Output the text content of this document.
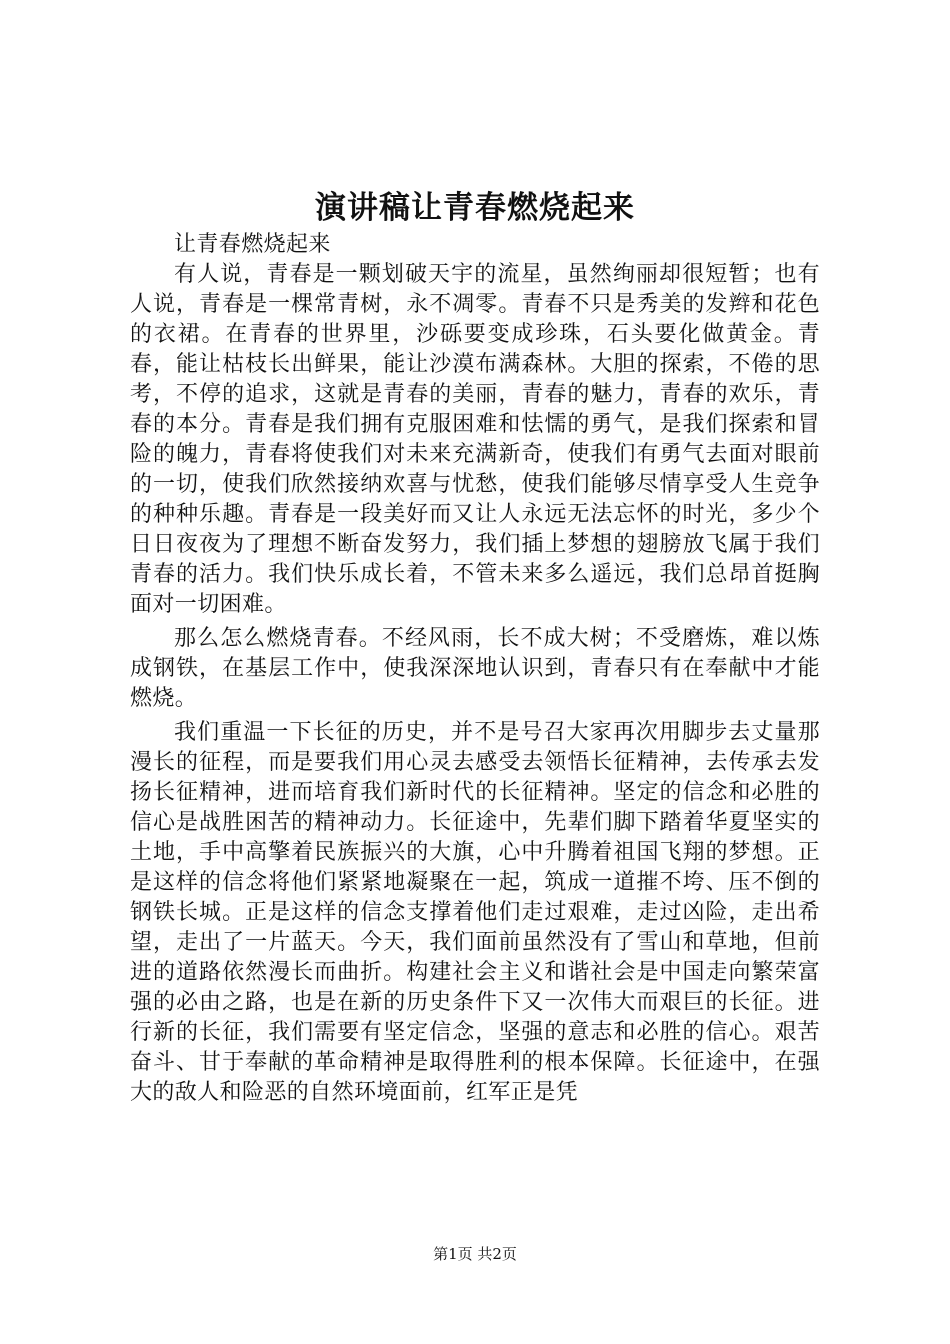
演讲稿让青春燃烧起来

让青春燃烧起来

有人说，青春是一颗划破天宇的流星，虽然绚丽却很短暂；也有人说，青春是一棵常青树，永不凋零。青春不只是秀美的发辫和花色的衣裙。在青春的世界里，沙砾要变成珍珠，石头要化做黄金。青春，能让枯枝长出鲜果，能让沙漠布满森林。大胆的探索，不倦的思考，不停的追求，这就是青春的美丽，青春的魅力，青春的欢乐，青春的本分。青春是我们拥有克服困难和怯懦的勇气，是我们探索和冒险的魄力，青春将使我们对未来充满新奇，使我们有勇气去面对眼前的一切，使我们欣然接纳欢喜与忧愁，使我们能够尽情享受人生竞争的种种乐趣。青春是一段美好而又让人永远无法忘怀的时光，多少个日日夜夜为了理想不断奋发努力，我们插上梦想的翅膀放飞属于我们青春的活力。我们快乐成长着，不管未来多么遥远，我们总昂首挺胸面对一切困难。

那么怎么燃烧青春。不经风雨，长不成大树；不受磨炼，难以炼成钢铁，在基层工作中，使我深深地认识到，青春只有在奉献中才能燃烧。

我们重温一下长征的历史，并不是号召大家再次用脚步去丈量那漫长的征程，而是要我们用心灵去感受去领悟长征精神，去传承去发扬长征精神，进而培育我们新时代的长征精神。坚定的信念和必胜的信心是战胜困苦的精神动力。长征途中，先辈们脚下踏着华夏坚实的土地，手中高擎着民族振兴的大旗，心中升腾着祖国飞翔的梦想。正是这样的信念将他们紧紧地凝聚在一起，筑成一道摧不垮、压不倒的钢铁长城。正是这样的信念支撑着他们走过艰难，走过凶险，走出希望，走出了一片蓝天。今天，我们面前虽然没有了雪山和草地，但前进的道路依然漫长而曲折。构建社会主义和谐社会是中国走向繁荣富强的必由之路，也是在新的历史条件下又一次伟大而艰巨的长征。进行新的长征，我们需要有坚定信念，坚强的意志和必胜的信心。艰苦奋斗、甘于奉献的革命精神是取得胜利的根本保障。长征途中，在强大的敌人和险恶的自然环境面前，红军正是凭

第1页 共2页
